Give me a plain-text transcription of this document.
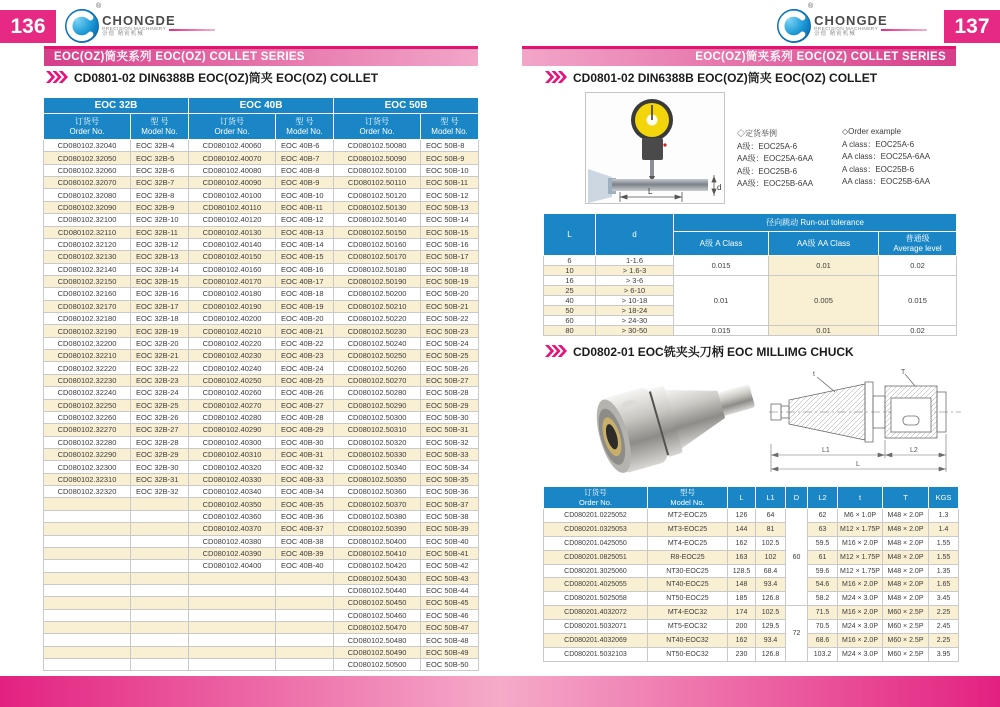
136
®
CHONGDE
PRECISION MACHINERY
崇德 精密机械
EOC(OZ)筒夹系列 EOC(OZ) COLLET SERIES
CD0801-02 DIN6388B EOC(OZ)筒夹 EOC(OZ) COLLET
EOC 32B		EOC 40B		EOC 50B	

订货号
Order No.	型 号
Model No.	订货号
Order No.	型 号
Model No.	订货号
Order No.	型 号
Model No.

CD080102.32040	EOC 32B-4	CD080102.40060	EOC 40B-6	CD080102.50080	EOC 50B-8
CD080102.32050	EOC 32B-5	CD080102.40070	EOC 40B-7	CD080102.50090	EOC 50B-9
CD080102.32060	EOC 32B-6	CD080102.40080	EOC 40B-8	CD080102.50100	EOC 50B-10
CD080102.32070	EOC 32B-7	CD080102.40090	EOC 40B-9	CD080102.50110	EOC 50B-11
CD080102.32080	EOC 32B-8	CD080102.40100	EOC 40B-10	CD080102.50120	EOC 50B-12
CD080102.32090	EOC 32B-9	CD080102.40110	EOC 40B-11	CD080102.50130	EOC 50B-13
CD080102.32100	EOC 32B-10	CD080102.40120	EOC 40B-12	CD080102.50140	EOC 50B-14
CD080102.32110	EOC 32B-11	CD080102.40130	EOC 40B-13	CD080102.50150	EOC 50B-15
CD080102.32120	EOC 32B-12	CD080102.40140	EOC 40B-14	CD080102.50160	EOC 50B-16
CD080102.32130	EOC 32B-13	CD080102.40150	EOC 40B-15	CD080102.50170	EOC 50B-17
CD080102.32140	EOC 32B-14	CD080102.40160	EOC 40B-16	CD080102.50180	EOC 50B-18
CD080102.32150	EOC 32B-15	CD080102.40170	EOC 40B-17	CD080102.50190	EOC 50B-19
CD080102.32160	EOC 32B-16	CD080102.40180	EOC 40B-18	CD080102.50200	EOC 50B-20
CD080102.32170	EOC 32B-17	CD080102.40190	EOC 40B-19	CD080102.50210	EOC 50B-21
CD080102.32180	EOC 32B-18	CD080102.40200	EOC 40B-20	CD080102.50220	EOC 50B-22
CD080102.32190	EOC 32B-19	CD080102.40210	EOC 40B-21	CD080102.50230	EOC 50B-23
CD080102.32200	EOC 32B-20	CD080102.40220	EOC 40B-22	CD080102.50240	EOC 50B-24
CD080102.32210	EOC 32B-21	CD080102.40230	EOC 40B-23	CD080102.50250	EOC 50B-25
CD080102.32220	EOC 32B-22	CD080102.40240	EOC 40B-24	CD080102.50260	EOC 50B-26
CD080102.32230	EOC 32B-23	CD080102.40250	EOC 40B-25	CD080102.50270	EOC 50B-27
CD080102.32240	EOC 32B-24	CD080102.40260	EOC 40B-26	CD080102.50280	EOC 50B-28
CD080102.32250	EOC 32B-25	CD080102.40270	EOC 40B-27	CD080102.50290	EOC 50B-29
CD080102.32260	EOC 32B-26	CD080102.40280	EOC 40B-28	CD080102.50300	EOC 50B-30
CD080102.32270	EOC 32B-27	CD080102.40290	EOC 40B-29	CD080102.50310	EOC 50B-31
CD080102.32280	EOC 32B-28	CD080102.40300	EOC 40B-30	CD080102.50320	EOC 50B-32
CD080102.32290	EOC 32B-29	CD080102.40310	EOC 40B-31	CD080102.50330	EOC 50B-33
CD080102.32300	EOC 32B-30	CD080102.40320	EOC 40B-32	CD080102.50340	EOC 50B-34
CD080102.32310	EOC 32B-31	CD080102.40330	EOC 40B-33	CD080102.50350	EOC 50B-35
CD080102.32320	EOC 32B-32	CD080102.40340	EOC 40B-34	CD080102.50360	EOC 50B-36
		CD080102.40350	EOC 40B-35	CD080102.50370	EOC 50B-37
		CD080102.40360	EOC 40B-36	CD080102.50380	EOC 50B-38
		CD080102.40370	EOC 40B-37	CD080102.50390	EOC 50B-39
		CD080102.40380	EOC 40B-38	CD080102.50400	EOC 50B-40
		CD080102.40390	EOC 40B-39	CD080102.50410	EOC 50B-41
		CD080102.40400	EOC 40B-40	CD080102.50420	EOC 50B-42
				CD080102.50430	EOC 50B-43
				CD080102.50440	EOC 50B-44
				CD080102.50450	EOC 50B-45
				CD080102.50460	EOC 50B-46
				CD080102.50470	EOC 50B-47
				CD080102.50480	EOC 50B-48
				CD080102.50490	EOC 50B-49
				CD080102.50500	EOC 50B-50
137
®
CHONGDE
PRECISION MACHINERY
崇德 精密机械
EOC(OZ)筒夹系列 EOC(OZ) COLLET SERIES
CD0801-02 DIN6388B EOC(OZ)筒夹 EOC(OZ) COLLET
d
L
◇定货举例
A级：EOC25A-6
AA级：EOC25A-6AA
A级：EOC25B-6
AA级：EOC25B-6AA
◇Order example
A class：EOC25A-6
AA class：EOC25A-6AA
A class：EOC25B-6
AA class：EOC25B-6AA
L	d	径向跳动 Run-out tolerance		
		A级 A Class	AA级 AA Class	普通级
Average level

6	1-1.6	0.015	0.01	0.02
10	> 1.6-3			
16	> 3-6	0.01	0.005	0.015
25	> 6-10			
40	> 10-18			
50	> 18-24			
60	> 24-30			
80	> 30-50	0.015	0.01	0.02
CD0802-01 EOC铣夹头刀柄 EOC MILLIMG CHUCK
t	T
L1	L2
L
订货号
Order No.	型号
Model No.	L	L1	D	L2	t	T	KGS
CD080201.0225052	MT2-EOC25	126	64	60	62	M6 × 1.0P	M48 × 2.0P	1.3
CD080201.0325053	MT3-EOC25	144	81		63	M12 × 1.75P	M48 × 2.0P	1.4
CD080201.0425050	MT4-EOC25	162	102.5		59.5	M16 × 2.0P	M48 × 2.0P	1.55
CD080201.0825051	R8-EOC25	163	102		61	M12 × 1.75P	M48 × 2.0P	1.55
CD080201.3025060	NT30-EOC25	128.5	68.4		59.6	M12 × 1.75P	M48 × 2.0P	1.35
CD080201.4025055	NT40-EOC25	148	93.4		54.6	M16 × 2.0P	M48 × 2.0P	1.65
CD080201.5025058	NT50-EOC25	185	126.8		58.2	M24 × 3.0P	M48 × 2.0P	3.45
CD080201.4032072	MT4-EOC32	174	102.5	72	71.5	M16 × 2.0P	M60 × 2.5P	2.25
CD080201.5032071	MT5-EOC32	200	129.5		70.5	M24 × 3.0P	M60 × 2.5P	2.45
CD080201.4032069	NT40-EOC32	162	93.4		68.6	M16 × 2.0P	M60 × 2.5P	2.25
CD080201.5032103	NT50-EOC32	230	126.8		103.2	M24 × 3.0P	M60 × 2.5P	3.95
